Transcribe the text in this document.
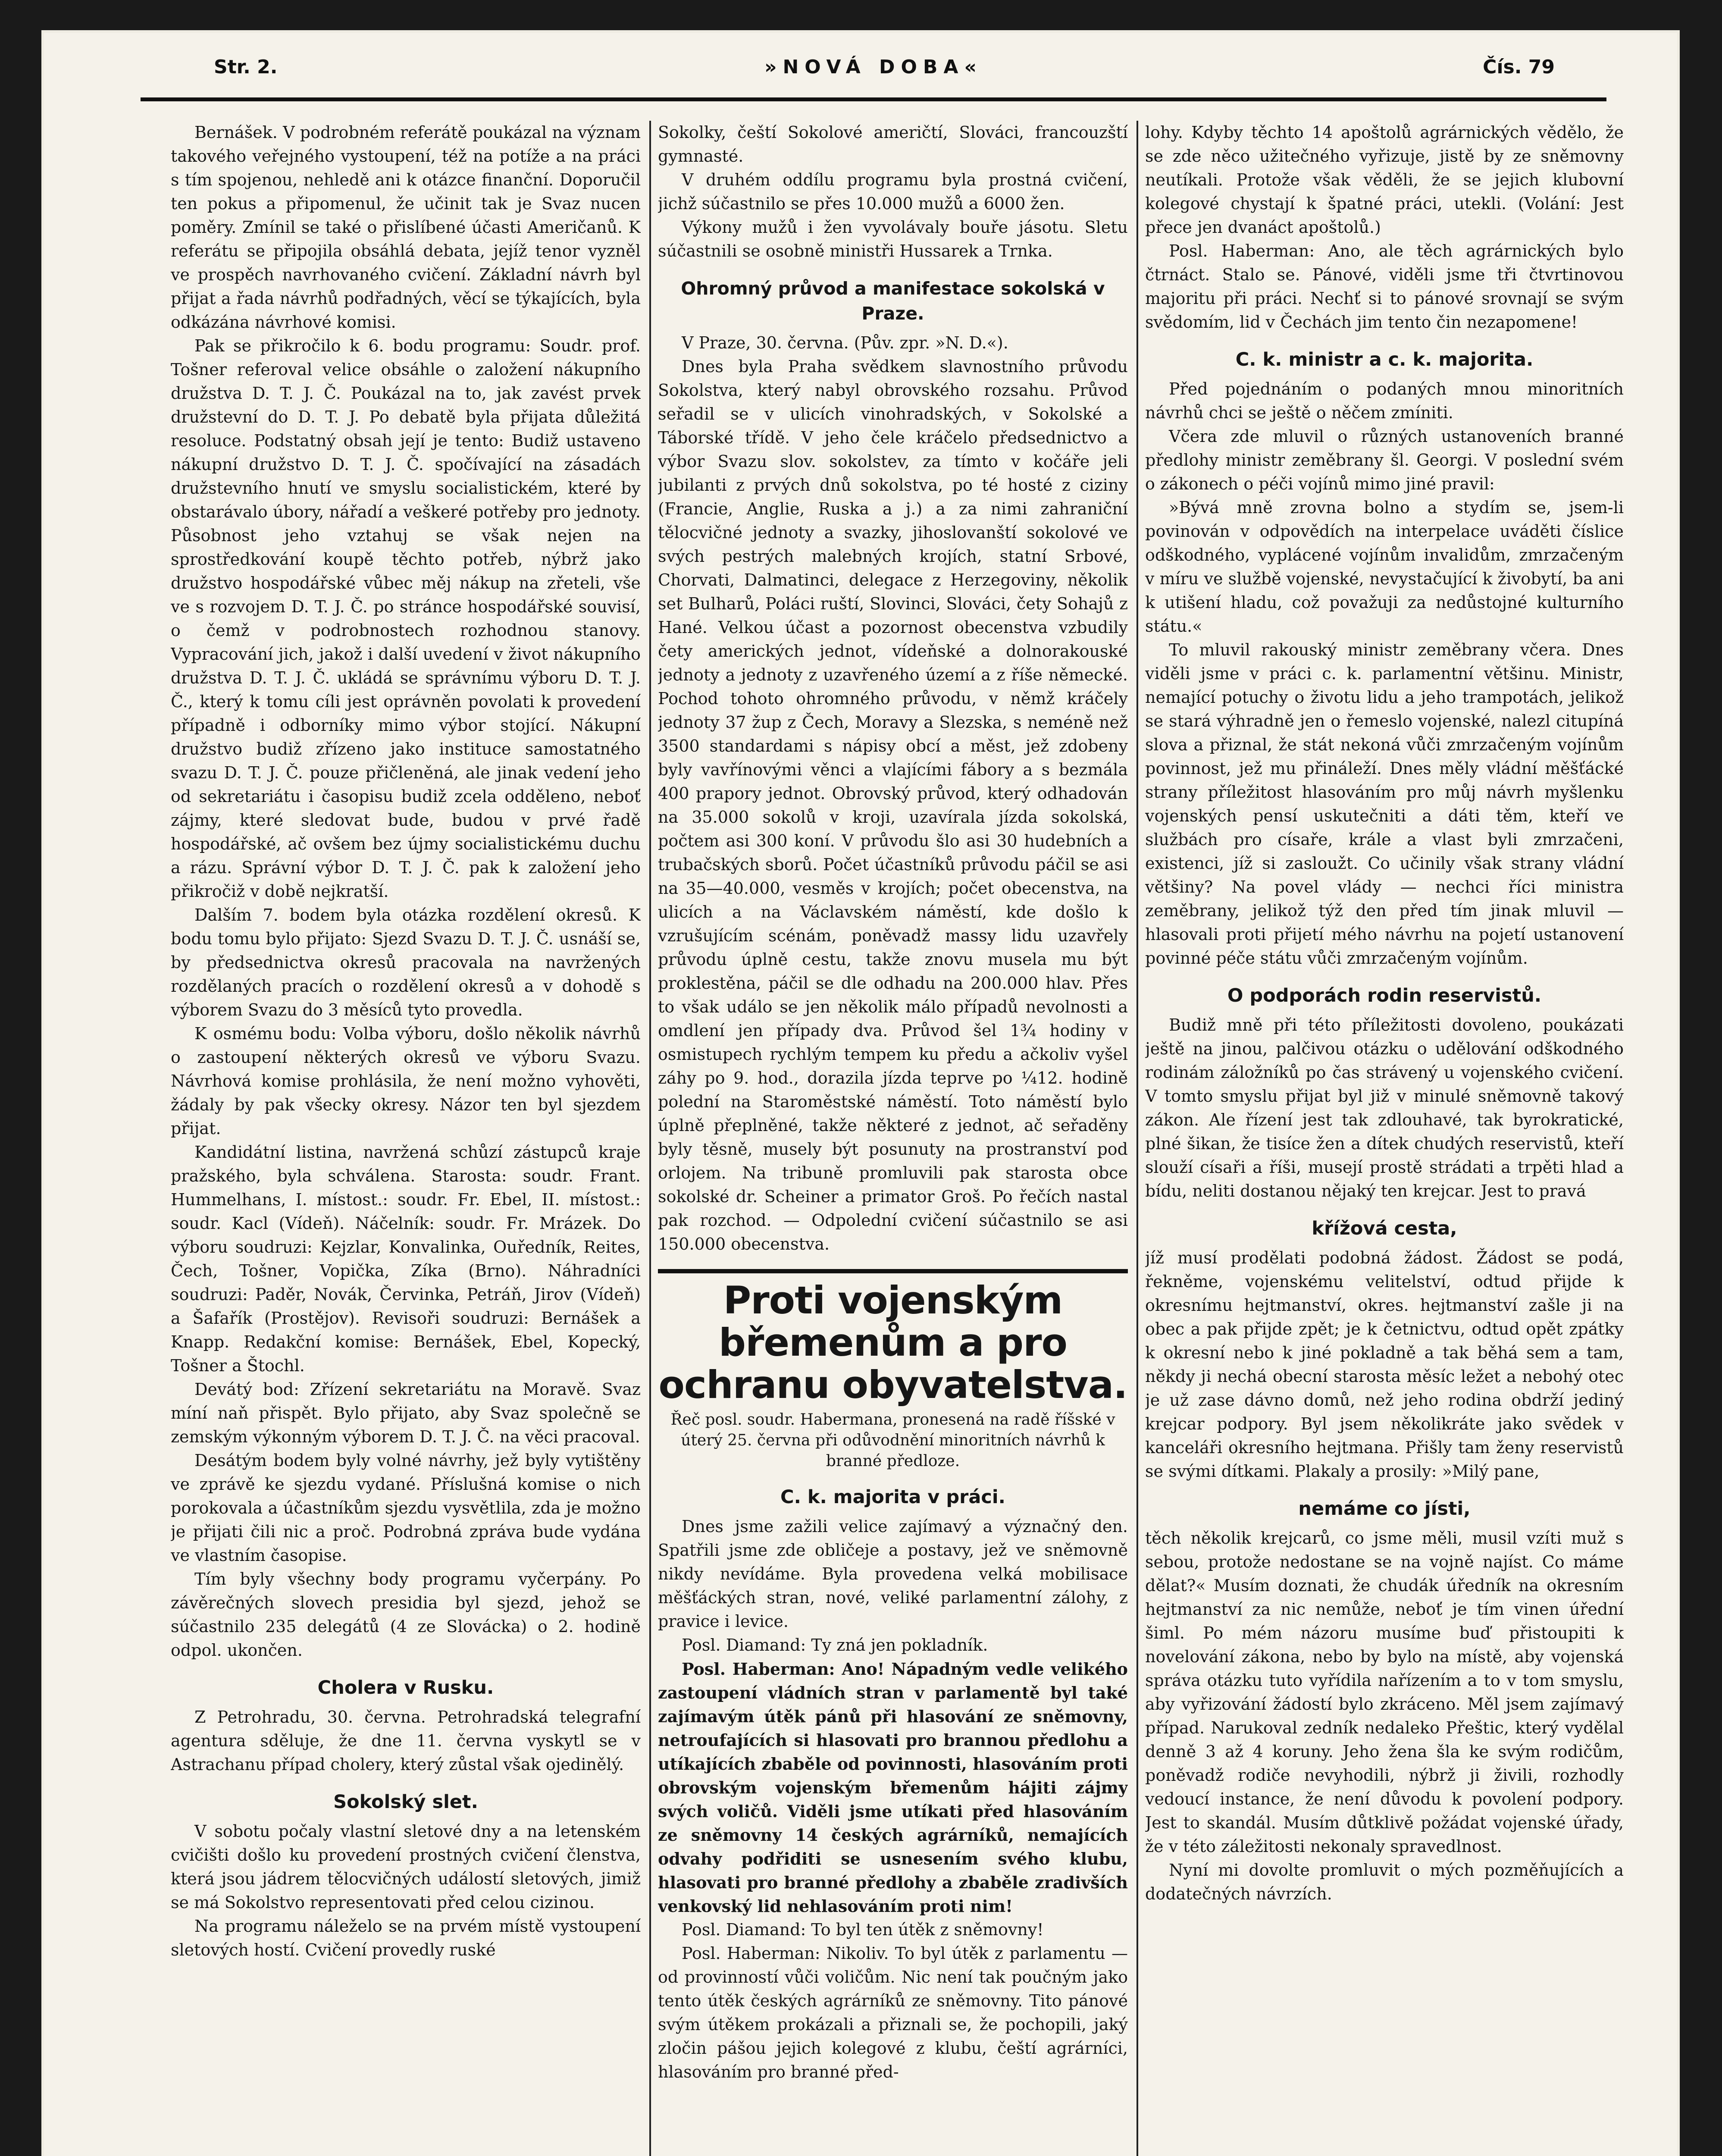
Str. 2.	»NOVÁ DOBA«	Čís. 79

Bernášek. V podrobném referátě poukázal na význam takového veřejného vystoupení, též na potíže a na práci s tím spojenou, nehledě ani k otázce finanční. Doporučil ten pokus a připomenul, že učinit tak je Svaz nucen poměry. Zmínil se také o přislíbené účasti Američanů. K referátu se připojila obsáhlá debata, jejíž tenor vyzněl ve prospěch navrhovaného cvičení. Základní návrh byl přijat a řada návrhů podřadných, věcí se týkajících, byla odkázána návrhové komisi.

Pak se přikročilo k 6. bodu programu: Soudr. prof. Tošner referoval velice obsáhle o založení nákupního družstva D. T. J. Č. Poukázal na to, jak zavést prvek družstevní do D. T. J. Po debatě byla přijata důležitá resoluce. Podstatný obsah její je tento: Budiž ustaveno nákupní družstvo D. T. J. Č. spočívající na zásadách družstevního hnutí ve smyslu socialistickém, které by obstarávalo úbory, nářadí a veškeré potřeby pro jednoty. Působnost jeho vztahuj se však nejen na sprostředkování koupě těchto potřeb, nýbrž jako družstvo hospodářské vůbec měj nákup na zřeteli, vše ve s rozvojem D. T. J. Č. po stránce hospodářské souvisí, o čemž v podrobnostech rozhodnou stanovy. Vypracování jich, jakož i další uvedení v život nákupního družstva D. T. J. Č. ukládá se správnímu výboru D. T. J. Č., který k tomu cíli jest oprávněn povolati k provedení případně i odborníky mimo výbor stojící. Nákupní družstvo budiž zřízeno jako instituce samostatného svazu D. T. J. Č. pouze přičleněná, ale jinak vedení jeho od sekretariátu i časopisu budiž zcela odděleno, neboť zájmy, které sledovat bude, budou v prvé řadě hospodářské, ač ovšem bez újmy socialistickému duchu a rázu. Správní výbor D. T. J. Č. pak k založení jeho přikročiž v době nejkratší.

Dalším 7. bodem byla otázka rozdělení okresů. K bodu tomu bylo přijato: Sjezd Svazu D. T. J. Č. usnáší se, by předsednictva okresů pracovala na navržených rozdělaných pracích o rozdělení okresů a v dohodě s výborem Svazu do 3 měsíců tyto provedla.

K osmému bodu: Volba výboru, došlo několik návrhů o zastoupení některých okresů ve výboru Svazu. Návrhová komise prohlásila, že není možno vyhověti, žádaly by pak všecky okresy. Názor ten byl sjezdem přijat.

Kandidátní listina, navržená schůzí zástupců kraje pražského, byla schválena. Starosta: soudr. Frant. Hummelhans, I. místost.: soudr. Fr. Ebel, II. místost.: soudr. Kacl (Vídeň). Náčelník: soudr. Fr. Mrázek. Do výboru soudruzi: Kejzlar, Konvalinka, Ouředník, Reites, Čech, Tošner, Vopička, Zíka (Brno). Náhradníci soudruzi: Paděr, Novák, Červinka, Petráň, Jirov (Vídeň) a Šafařík (Prostějov). Revisoři soudruzi: Bernášek a Knapp. Redakční komise: Bernášek, Ebel, Kopecký, Tošner a Štochl.

Devátý bod: Zřízení sekretariátu na Moravě. Svaz míní naň přispět. Bylo přijato, aby Svaz společně se zemským výkonným výborem D. T. J. Č. na věci pracoval.

Desátým bodem byly volné návrhy, jež byly vytištěny ve zprávě ke sjezdu vydané. Příslušná komise o nich porokovala a účastníkům sjezdu vysvětlila, zda je možno je přijati čili nic a proč. Podrobná zpráva bude vydána ve vlastním časopise.

Tím byly všechny body programu vyčerpány. Po závěrečných slovech presidia byl sjezd, jehož se súčastnilo 235 delegátů (4 ze Slovácka) o 2. hodině odpol. ukončen.

Cholera v Rusku.

Z Petrohradu, 30. června. Petrohradská telegrafní agentura sděluje, že dne 11. června vyskytl se v Astrachanu případ cholery, který zůstal však ojedinělý.

Sokolský slet.

V sobotu počaly vlastní sletové dny a na letenském cvičišti došlo ku provedení prostných cvičení členstva, která jsou jádrem tělocvičných událostí sletových, jimiž se má Sokolstvo representovati před celou cizinou.

Na programu náleželo se na prvém místě vystoupení sletových hostí. Cvičení provedly ruské

Sokolky, čeští Sokolové američtí, Slováci, francouzští gymnasté.

V druhém oddílu programu byla prostná cvičení, jichž súčastnilo se přes 10.000 mužů a 6000 žen.

Výkony mužů i žen vyvolávaly bouře jásotu. Sletu súčastnili se osobně ministři Hussarek a Trnka.

Ohromný průvod a manifestace sokolská v Praze.

V Praze, 30. června. (Pův. zpr. »N. D.«).

Dnes byla Praha svědkem slavnostního průvodu Sokolstva, který nabyl obrovského rozsahu. Průvod seřadil se v ulicích vinohradských, v Sokolské a Táborské třídě. V jeho čele kráčelo předsednictvo a výbor Svazu slov. sokolstev, za tímto v kočáře jeli jubilanti z prvých dnů sokolstva, po té hosté z ciziny (Francie, Anglie, Ruska a j.) a za nimi zahraniční tělocvičné jednoty a svazky, jihoslovanští sokolové ve svých pestrých malebných krojích, statní Srbové, Chorvati, Dalmatinci, delegace z Herzegoviny, několik set Bulharů, Poláci ruští, Slovinci, Slováci, čety Sohajů z Hané. Velkou účast a pozornost obecenstva vzbudily čety amerických jednot, vídeňské a dolnorakouské jednoty a jednoty z uzavřeného území a z říše německé. Pochod tohoto ohromného průvodu, v němž kráčely jednoty 37 žup z Čech, Moravy a Slezska, s neméně než 3500 standardami s nápisy obcí a měst, jež zdobeny byly vavřínovými věnci a vlajícími fábory a s bezmála 400 prapory jednot. Obrovský průvod, který odhadován na 35.000 sokolů v kroji, uzavírala jízda sokolská, počtem asi 300 koní. V průvodu šlo asi 30 hudebních a trubačských sborů. Počet účastníků průvodu páčil se asi na 35—40.000, vesměs v krojích; počet obecenstva, na ulicích a na Václavském náměstí, kde došlo k vzrušujícím scénám, poněvadž massy lidu uzavřely průvodu úplně cestu, takže znovu musela mu být proklestěna, páčil se dle odhadu na 200.000 hlav. Přes to však událo se jen několik málo případů nevolnosti a omdlení jen případy dva. Průvod šel 1¾ hodiny v osmistupech rychlým tempem ku předu a ačkoliv vyšel záhy po 9. hod., dorazila jízda teprve po ¼12. hodině polední na Staroměstské náměstí. Toto náměstí bylo úplně přeplněné, takže některé z jednot, ač seřaděny byly těsně, musely být posunuty na prostranství pod orlojem. Na tribuně promluvili pak starosta obce sokolské dr. Scheiner a primator Groš. Po řečích nastal pak rozchod. — Odpolední cvičení súčastnilo se asi 150.000 obecenstva.

Proti vojenským břemenům a pro ochranu obyvatelstva.
Řeč posl. soudr. Habermana, pronesená na radě říšské v úterý 25. června při odůvodnění minoritních návrhů k branné předloze.
C. k. majorita v práci.

Dnes jsme zažili velice zajímavý a význačný den. Spatřili jsme zde obličeje a postavy, jež ve sněmovně nikdy nevídáme. Byla provedena velká mobilisace měšťáckých stran, nové, veliké parlamentní zálohy, z pravice i levice.

Posl. Diamand: Ty zná jen pokladník.

Posl. Haberman: Ano! Nápadným vedle velikého zastoupení vládních stran v parlamentě byl také zajímavým útěk pánů při hlasování ze sněmovny, netroufajících si hlasovati pro brannou předlohu a utíkajících zbaběle od povinnosti, hlasováním proti obrovským vojenským břemenům hájiti zájmy svých voličů. Viděli jsme utíkati před hlasováním ze sněmovny 14 českých agrárníků, nemajících odvahy podřiditi se usnesením svého klubu, hlasovati pro branné předlohy a zbaběle zradivších venkovský lid nehlasováním proti nim!

Posl. Diamand: To byl ten útěk z sněmovny!

Posl. Haberman: Nikoliv. To byl útěk z parlamentu — od provinností vůči voličům. Nic není tak poučným jako tento útěk českých agrárníků ze sněmovny. Tito pánové svým útěkem prokázali a přiznali se, že pochopili, jaký zločin pášou jejich kolegové z klubu, čeští agrárníci, hlasováním pro branné před-

lohy. Kdyby těchto 14 apoštolů agrárnických vědělo, že se zde něco užitečného vyřizuje, jistě by ze sněmovny neutíkali. Protože však věděli, že se jejich klubovní kolegové chystají k špatné práci, utekli. (Volání: Jest přece jen dvanáct apoštolů.)

Posl. Haberman: Ano, ale těch agrárnických bylo čtrnáct. Stalo se. Pánové, viděli jsme tři čtvrtinovou majoritu při práci. Nechť si to pánové srovnají se svým svědomím, lid v Čechách jim tento čin nezapomene!

C. k. ministr a c. k. majorita.

Před pojednáním o podaných mnou minoritních návrhů chci se ještě o něčem zmíniti.

Včera zde mluvil o různých ustanoveních branné předlohy ministr zeměbrany šl. Georgi. V poslední svém o zákonech o péči vojínů mimo jiné pravil:

»Bývá mně zrovna bolno a stydím se, jsem-li povinován v odpovědích na interpelace uváděti číslice odškodného, vyplácené vojínům invalidům, zmrzačeným v míru ve službě vojenské, nevystačující k živobytí, ba ani k utišení hladu, což považuji za nedůstojné kulturního státu.«

To mluvil rakouský ministr zeměbrany včera. Dnes viděli jsme v práci c. k. parlamentní většinu. Ministr, nemající potuchy o životu lidu a jeho trampotách, jelikož se stará výhradně jen o řemeslo vojenské, nalezl citupíná slova a přiznal, že stát nekoná vůči zmrzačeným vojínům povinnost, jež mu přináleží. Dnes měly vládní měšťácké strany příležitost hlasováním pro můj návrh myšlenku vojenských pensí uskutečniti a dáti těm, kteří ve službách pro císaře, krále a vlast byli zmrzačeni, existenci, jíž si zasloužt. Co učinily však strany vládní většiny? Na povel vlády — nechci říci ministra zeměbrany, jelikož týž den před tím jinak mluvil — hlasovali proti přijetí mého návrhu na pojetí ustanovení povinné péče státu vůči zmrzačeným vojínům.

O podporách rodin reservistů.

Budiž mně při této příležitosti dovoleno, poukázati ještě na jinou, palčivou otázku o udělování odškodného rodinám záložníků po čas strávený u vojenského cvičení. V tomto smyslu přijat byl již v minulé sněmovně takový zákon. Ale řízení jest tak zdlouhavé, tak byrokratické, plné šikan, že tisíce žen a dítek chudých reservistů, kteří slouží císaři a říši, musejí prostě strádati a trpěti hlad a bídu, neliti dostanou nějaký ten krejcar. Jest to pravá

křížová cesta,

jíž musí prodělati podobná žádost. Žádost se podá, řekněme, vojenskému velitelství, odtud přijde k okresnímu hejtmanství, okres. hejtmanství zašle ji na obec a pak přijde zpět; je k četnictvu, odtud opět zpátky k okresní nebo k jiné pokladně a tak běhá sem a tam, někdy ji nechá obecní starosta měsíc ležet a nebohý otec je už zase dávno domů, než jeho rodina obdrží jediný krejcar podpory. Byl jsem několikráte jako svědek v kanceláři okresního hejtmana. Přišly tam ženy reservistů se svými dítkami. Plakaly a prosily: »Milý pane,

nemáme co jísti,

těch několik krejcarů, co jsme měli, musil vzíti muž s sebou, protože nedostane se na vojně najíst. Co máme dělat?« Musím doznati, že chudák úředník na okresním hejtmanství za nic nemůže, neboť je tím vinen úřední šiml. Po mém názoru musíme buď přistoupiti k novelování zákona, nebo by bylo na místě, aby vojenská správa otázku tuto vyřídila nařízením a to v tom smyslu, aby vyřizování žádostí bylo zkráceno. Měl jsem zajímavý případ. Narukoval zedník nedaleko Přeštic, který vydělal denně 3 až 4 koruny. Jeho žena šla ke svým rodičům, poněvadž rodiče nevyhodili, nýbrž ji živili, rozhodly vedoucí instance, že není důvodu k povolení podpory. Jest to skandál. Musím důtklivě požádat vojenské úřady, že v této záležitosti nekonaly spravedlnost.

Nyní mi dovolte promluvit o mých pozměňujících a dodatečných návrzích.
